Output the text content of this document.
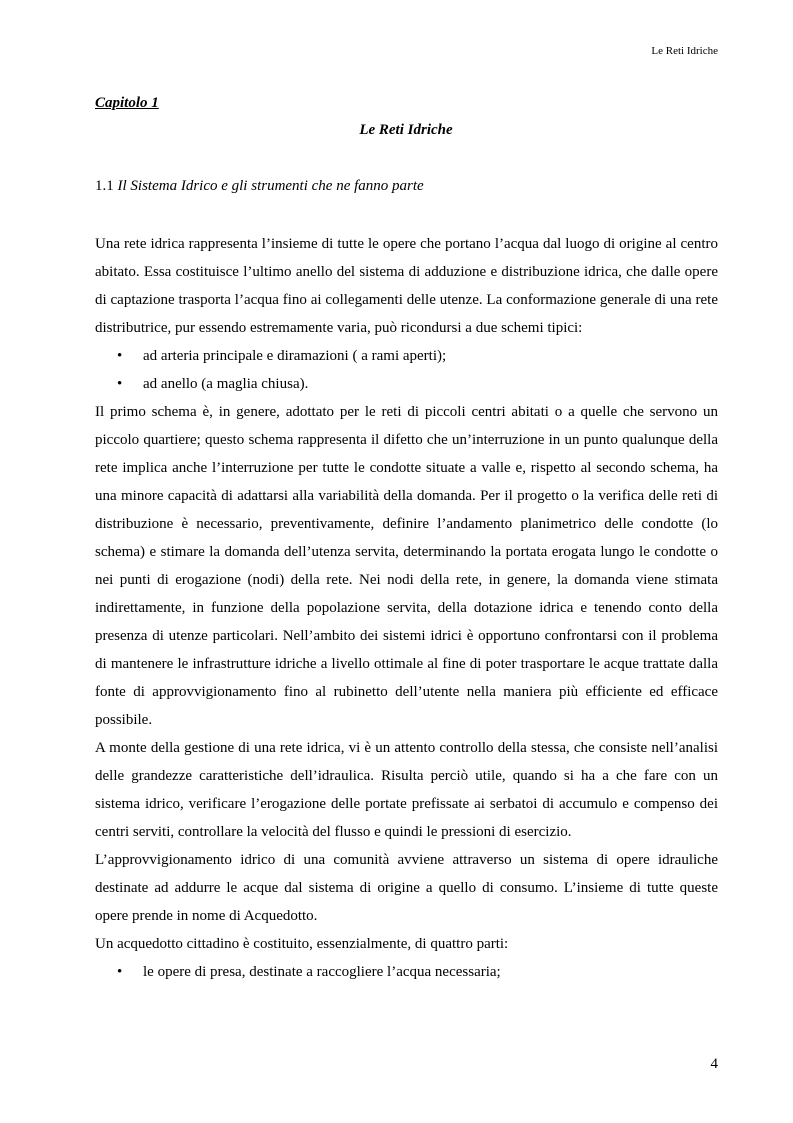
Le Reti Idriche
Capitolo 1
Le Reti Idriche
1.1 Il Sistema Idrico e gli strumenti che ne fanno parte

Una rete idrica rappresenta l’insieme di tutte le opere che portano l’acqua dal luogo di origine al centro abitato. Essa costituisce l’ultimo anello del sistema di adduzione e distribuzione idrica, che dalle opere di captazione trasporta l’acqua fino ai collegamenti delle utenze. La conformazione generale di una rete distributrice, pur essendo estremamente varia, può ricondursi a due schemi tipici:

• ad arteria principale e diramazioni ( a rami aperti);
• ad anello (a maglia chiusa).

Il primo schema è, in genere, adottato per le reti di piccoli centri abitati o a quelle che servono un piccolo quartiere; questo schema rappresenta il difetto che un’interruzione in un punto qualunque della rete implica anche l’interruzione per tutte le condotte situate a valle e, rispetto al secondo schema, ha una minore capacità di adattarsi alla variabilità della domanda. Per il progetto o la verifica delle reti di distribuzione è necessario, preventivamente, definire l’andamento planimetrico delle condotte (lo schema) e stimare la domanda dell’utenza servita, determinando la portata erogata lungo le condotte o nei punti di erogazione (nodi) della rete. Nei nodi della rete, in genere, la domanda viene stimata indirettamente, in funzione della popolazione servita, della dotazione idrica e tenendo conto della presenza di utenze particolari. Nell’ambito dei sistemi idrici è opportuno confrontarsi con il problema di mantenere le infrastrutture idriche a livello ottimale al fine di poter trasportare le acque trattate dalla fonte di approvvigionamento fino al rubinetto dell’utente nella maniera più efficiente ed efficace possibile.

A monte della gestione di una rete idrica, vi è un attento controllo della stessa, che consiste nell’analisi delle grandezze caratteristiche dell’idraulica. Risulta perciò utile, quando si ha a che fare con un sistema idrico, verificare l’erogazione delle portate prefissate ai serbatoi di accumulo e compenso dei centri serviti, controllare la velocità del flusso e quindi le pressioni di esercizio.

L’approvvigionamento idrico di una comunità avviene attraverso un sistema di opere idrauliche destinate ad addurre le acque dal sistema di origine a quello di consumo. L’insieme di tutte queste opere prende in nome di Acquedotto.

Un acquedotto cittadino è costituito, essenzialmente, di quattro parti:

• le opere di presa, destinate a raccogliere l’acqua necessaria;
4
